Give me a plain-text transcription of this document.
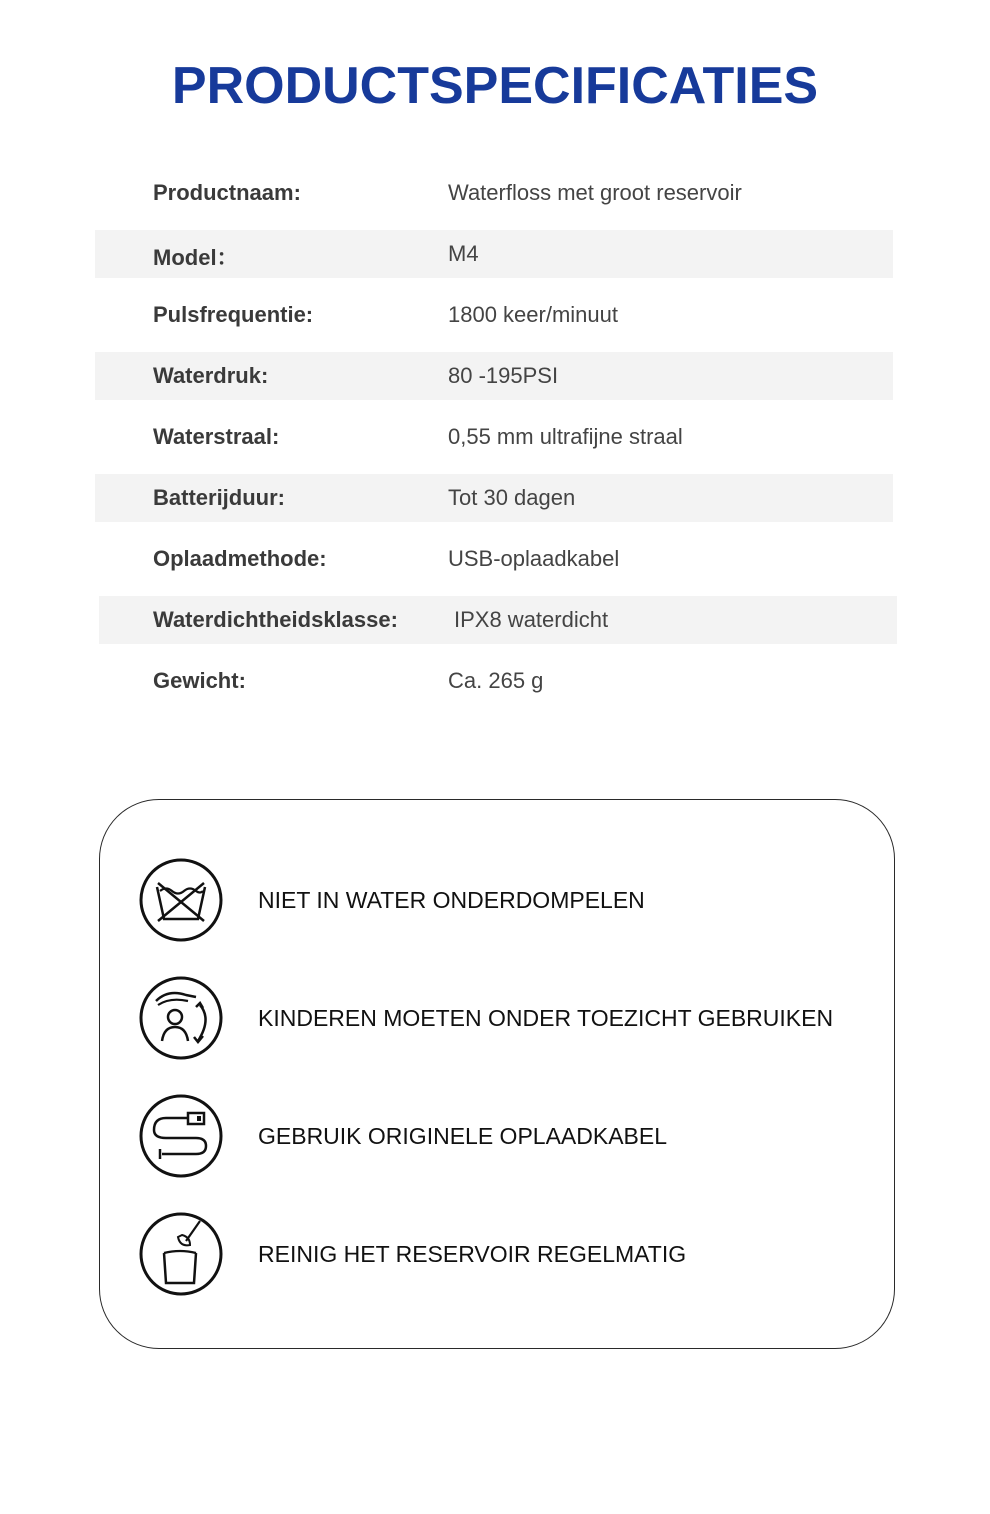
PRODUCTSPECIFICATIES
Productnaam:	Waterfloss met groot reservoir
Model：	M4
Pulsfrequentie:	1800 keer/minuut
Waterdruk:	80 -195PSI
Waterstraal:	0,55 mm ultrafijne straal
Batterijduur:	Tot 30 dagen
Oplaadmethode:	USB-oplaadkabel
Waterdichtheidsklasse:	IPX8 waterdicht
Gewicht:	Ca. 265 g
NIET IN WATER ONDERDOMPELEN
KINDEREN MOETEN ONDER TOEZICHT GEBRUIKEN
GEBRUIK ORIGINELE OPLAADKABEL
REINIG HET RESERVOIR REGELMATIG
